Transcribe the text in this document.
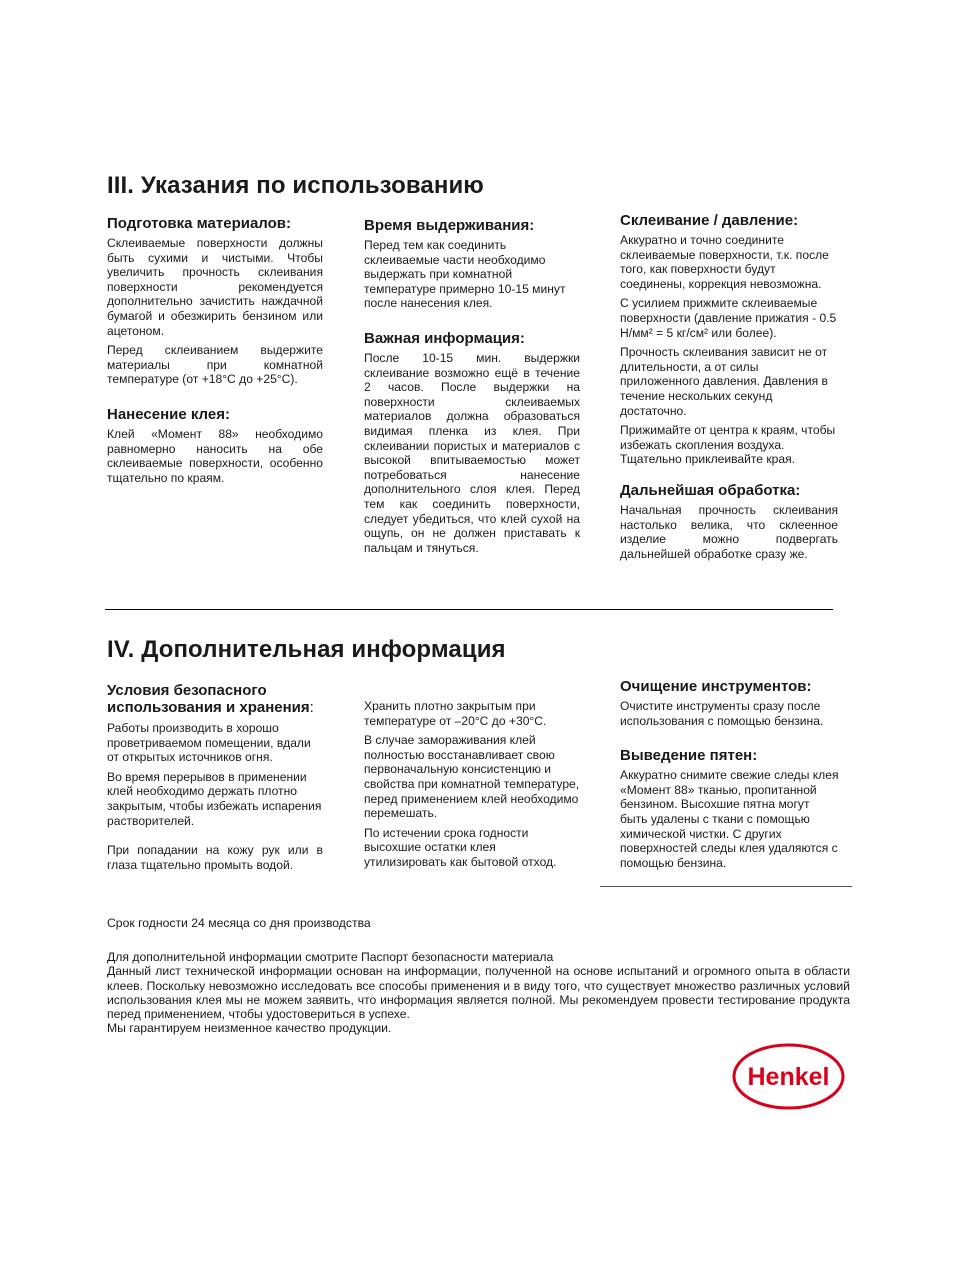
III. Указания по использованию
Подготовка материалов:

Склеиваемые поверхности должны быть сухими и чистыми. Чтобы увеличить прочность склеивания поверхности рекомендуется дополнительно зачистить наждачной бумагой и обезжирить бензином или ацетоном.

Перед склеиванием выдержите материалы при комнатной температуре (от +18°C до +25°C).

Нанесение клея:

Клей «Момент 88» необходимо равномерно наносить на обе склеиваемые поверхности, особенно тщательно по краям.

Время выдерживания:

Перед тем как соединить склеиваемые части необходимо выдержать при комнатной температуре примерно 10-15 минут после нанесения клея.

Важная информация:

После 10-15 мин. выдержки склеивание возможно ещё в течение 2 часов. После выдержки на поверхности склеиваемых материалов должна образоваться видимая пленка из клея. При склеивании пористых и материалов с высокой впитываемостью может потребоваться нанесение дополнительного слоя клея. Перед тем как соединить поверхности, следует убедиться, что клей сухой на ощупь, он не должен приставать к пальцам и тянуться.

Склеивание / давление:

Аккуратно и точно соедините склеиваемые поверхности, т.к. после того, как поверхности будут соединены, коррекция невозможна.

С усилием прижмите склеиваемые поверхности (давление прижатия - 0.5 Н/мм² = 5 кг/см² или более).

Прочность склеивания зависит не от длительности, а от силы приложенного давления. Давления в течение нескольких секунд достаточно.

Прижимайте от центра к краям, чтобы избежать скопления воздуха. Тщательно приклеивайте края.

Дальнейшая обработка:

Начальная прочность склеивания настолько велика, что склеенное изделие можно подвергать дальнейшей обработке сразу же.

IV. Дополнительная информация
Условия безопасного
использования и хранения:

Работы производить в хорошо проветриваемом помещении, вдали от открытых источников огня.

Во время перерывов в применении клей необходимо держать плотно закрытым, чтобы избежать испарения растворителей.

При попадании на кожу рук или в глаза тщательно промыть водой.

Хранить плотно закрытым при температуре от –20°C до +30°C.

В случае замораживания клей полностью восстанавливает свою первоначальную консистенцию и свойства при комнатной температуре, перед применением клей необходимо перемешать.

По истечении срока годности высохшие остатки клея утилизировать как бытовой отход.

Очищение инструментов:

Очистите инструменты сразу после использования с помощью бензина.

Выведение пятен:

Аккуратно снимите свежие следы клея «Момент 88» тканью, пропитанной бензином. Высохшие пятна могут быть удалены с ткани с помощью химической чистки. С других поверхностей следы клея удаляются с помощью бензина.

Срок годности 24 месяца со дня производства

Для дополнительной информации смотрите Паспорт безопасности материала

Данный лист технической информации основан на информации, полученной на основе испытаний и огромного опыта в области клеев. Поскольку невозможно исследовать все способы применения и в виду того, что существует множество различных условий использования клея мы не можем заявить, что информация является полной. Мы рекомендуем провести тестирование продукта перед применением, чтобы удостовериться в успехе.

Мы гарантируем неизменное качество продукции.

Henkel
